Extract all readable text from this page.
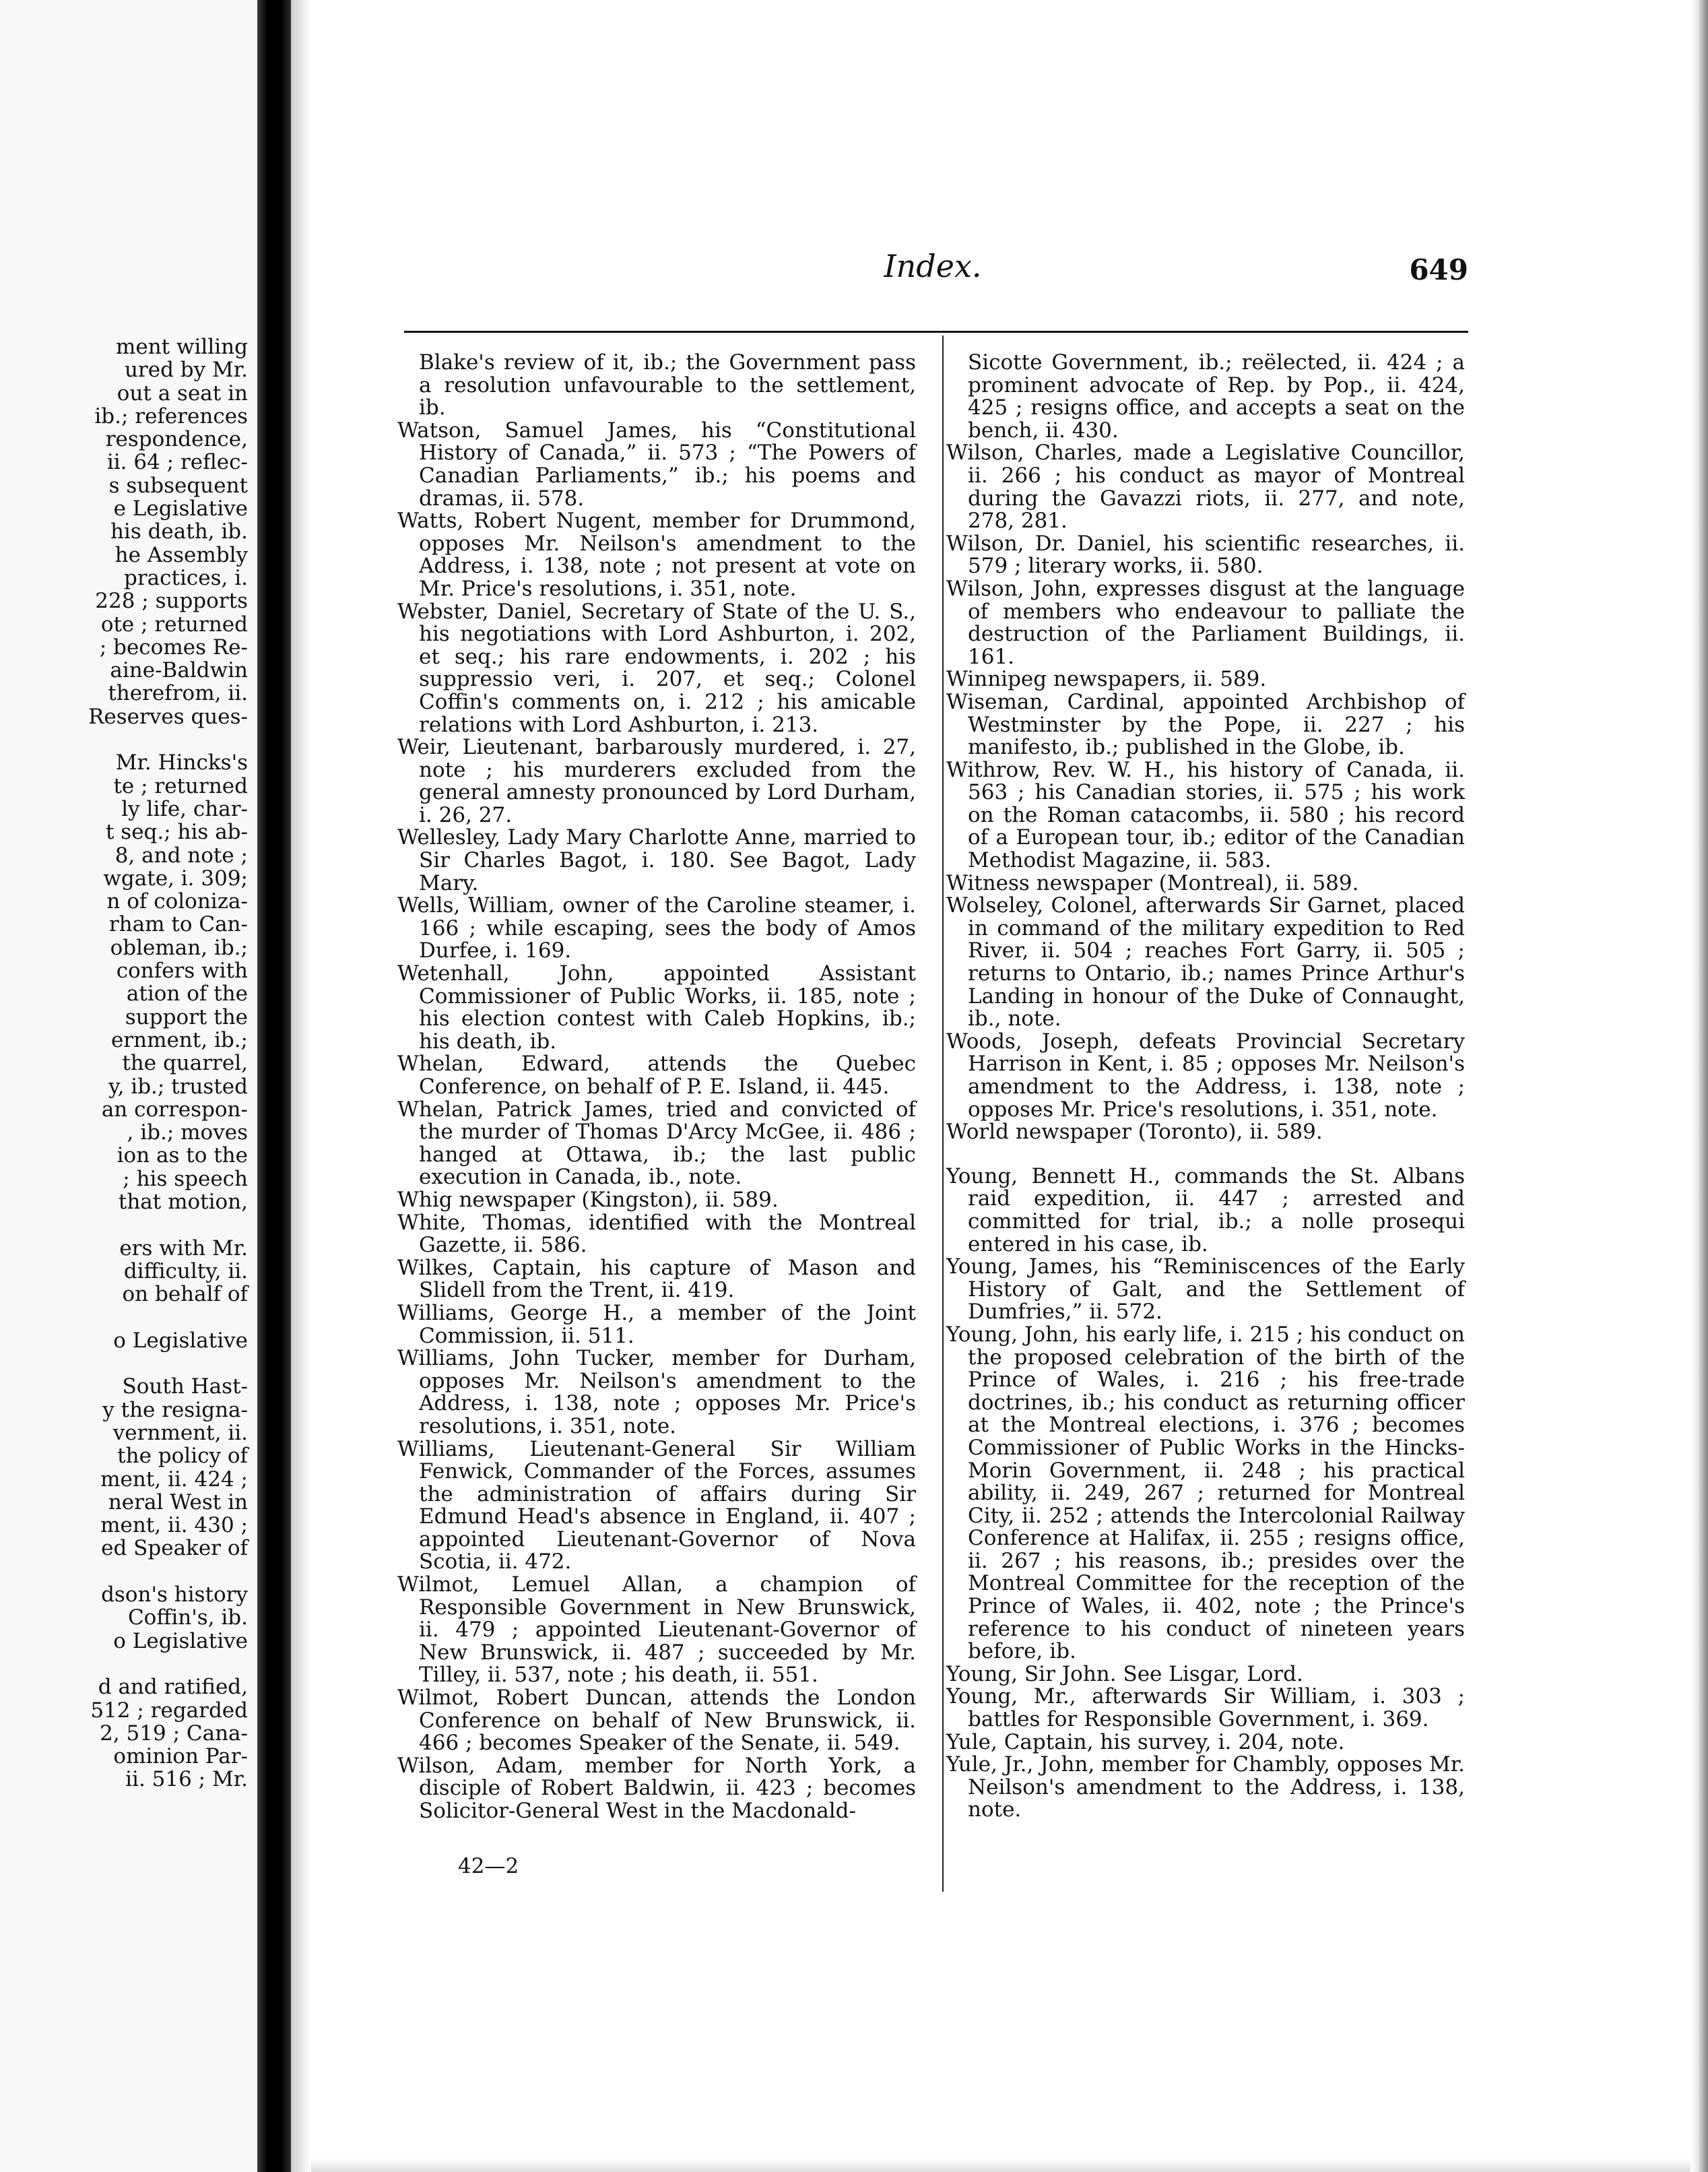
ment willing
ured by Mr.
out a seat in
ib.; references
respondence,
ii. 64 ; reflec-
s subsequent
e Legislative
his death, ib.
he Assembly
practices, i.
228 ; supports
ote ; returned
; becomes Re-
aine-Baldwin
therefrom, ii.
Reserves ques-
Mr. Hincks's
te ; returned
ly life, char-
t seq.; his ab-
8, and note ;
wgate, i. 309;
n of coloniza-
rham to Can-
obleman, ib.;
confers with
ation of the
support the
ernment, ib.;
the quarrel,
y, ib.; trusted
an correspon-
, ib.; moves
ion as to the
; his speech
that motion,
ers with Mr.
difficulty, ii.
on behalf of
o Legislative
South Hast-
y the resigna-
vernment, ii.
the policy of
ment, ii. 424 ;
neral West in
ment, ii. 430 ;
ed Speaker of
dson's history
Coffin's, ib.
o Legislative
d and ratified,
512 ; regarded
2, 519 ; Cana-
ominion Par-
ii. 516 ; Mr.
Index.	649
Blake's review of it, ib.; the Government pass a resolution unfavourable to the settlement, ib.
Watson, Samuel James, his “Constitutional History of Canada,” ii. 573 ; “The Powers of Canadian Parliaments,” ib.; his poems and dramas, ii. 578.
Watts, Robert Nugent, member for Drummond, opposes Mr. Neilson's amendment to the Address, i. 138, note ; not present at vote on Mr. Price's resolutions, i. 351, note.
Webster, Daniel, Secretary of State of the U. S., his negotiations with Lord Ashburton, i. 202, et seq.; his rare endowments, i. 202 ; his suppressio veri, i. 207, et seq.; Colonel Coffin's comments on, i. 212 ; his amicable relations with Lord Ashburton, i. 213.
Weir, Lieutenant, barbarously murdered, i. 27, note ; his murderers excluded from the general amnesty pronounced by Lord Durham, i. 26, 27.
Wellesley, Lady Mary Charlotte Anne, married to Sir Charles Bagot, i. 180. See Bagot, Lady Mary.
Wells, William, owner of the Caroline steamer, i. 166 ; while escaping, sees the body of Amos Durfee, i. 169.
Wetenhall, John, appointed Assistant Commissioner of Public Works, ii. 185, note ; his election contest with Caleb Hopkins, ib.; his death, ib.
Whelan, Edward, attends the Quebec Conference, on behalf of P. E. Island, ii. 445.
Whelan, Patrick James, tried and convicted of the murder of Thomas D'Arcy McGee, ii. 486 ; hanged at Ottawa, ib.; the last public execution in Canada, ib., note.
Whig newspaper (Kingston), ii. 589.
White, Thomas, identified with the Montreal Gazette, ii. 586.
Wilkes, Captain, his capture of Mason and Slidell from the Trent, ii. 419.
Williams, George H., a member of the Joint Commission, ii. 511.
Williams, John Tucker, member for Durham, opposes Mr. Neilson's amendment to the Address, i. 138, note ; opposes Mr. Price's resolutions, i. 351, note.
Williams, Lieutenant-General Sir William Fenwick, Commander of the Forces, assumes the administration of affairs during Sir Edmund Head's absence in England, ii. 407 ; appointed Lieutenant-Governor of Nova Scotia, ii. 472.
Wilmot, Lemuel Allan, a champion of Responsible Government in New Brunswick, ii. 479 ; appointed Lieutenant-Governor of New Brunswick, ii. 487 ; succeeded by Mr. Tilley, ii. 537, note ; his death, ii. 551.
Wilmot, Robert Duncan, attends the London Conference on behalf of New Brunswick, ii. 466 ; becomes Speaker of the Senate, ii. 549.
Wilson, Adam, member for North York, a disciple of Robert Baldwin, ii. 423 ; becomes Solicitor-General West in the Macdonald-
Sicotte Government, ib.; reëlected, ii. 424 ; a prominent advocate of Rep. by Pop., ii. 424, 425 ; resigns office, and accepts a seat on the bench, ii. 430.
Wilson, Charles, made a Legislative Councillor, ii. 266 ; his conduct as mayor of Montreal during the Gavazzi riots, ii. 277, and note, 278, 281.
Wilson, Dr. Daniel, his scientific researches, ii. 579 ; literary works, ii. 580.
Wilson, John, expresses disgust at the language of members who endeavour to palliate the destruction of the Parliament Buildings, ii. 161.
Winnipeg newspapers, ii. 589.
Wiseman, Cardinal, appointed Archbishop of Westminster by the Pope, ii. 227 ; his manifesto, ib.; published in the Globe, ib.
Withrow, Rev. W. H., his history of Canada, ii. 563 ; his Canadian stories, ii. 575 ; his work on the Roman catacombs, ii. 580 ; his record of a European tour, ib.; editor of the Canadian Methodist Magazine, ii. 583.
Witness newspaper (Montreal), ii. 589.
Wolseley, Colonel, afterwards Sir Garnet, placed in command of the military expedition to Red River, ii. 504 ; reaches Fort Garry, ii. 505 ; returns to Ontario, ib.; names Prince Arthur's Landing in honour of the Duke of Connaught, ib., note.
Woods, Joseph, defeats Provincial Secretary Harrison in Kent, i. 85 ; opposes Mr. Neilson's amendment to the Address, i. 138, note ; opposes Mr. Price's resolutions, i. 351, note.
World newspaper (Toronto), ii. 589.
Young, Bennett H., commands the St. Albans raid expedition, ii. 447 ; arrested and committed for trial, ib.; a nolle prosequi entered in his case, ib.
Young, James, his “Reminiscences of the Early History of Galt, and the Settlement of Dumfries,” ii. 572.
Young, John, his early life, i. 215 ; his conduct on the proposed celebration of the birth of the Prince of Wales, i. 216 ; his free-trade doctrines, ib.; his conduct as returning officer at the Montreal elections, i. 376 ; becomes Commissioner of Public Works in the Hincks-Morin Government, ii. 248 ; his practical ability, ii. 249, 267 ; returned for Montreal City, ii. 252 ; attends the Intercolonial Railway Conference at Halifax, ii. 255 ; resigns office, ii. 267 ; his reasons, ib.; presides over the Montreal Committee for the reception of the Prince of Wales, ii. 402, note ; the Prince's reference to his conduct of nineteen years before, ib.
Young, Sir John. See Lisgar, Lord.
Young, Mr., afterwards Sir William, i. 303 ; battles for Responsible Government, i. 369.
Yule, Captain, his survey, i. 204, note.
Yule, Jr., John, member for Chambly, opposes Mr. Neilson's amendment to the Address, i. 138, note.
42—2
